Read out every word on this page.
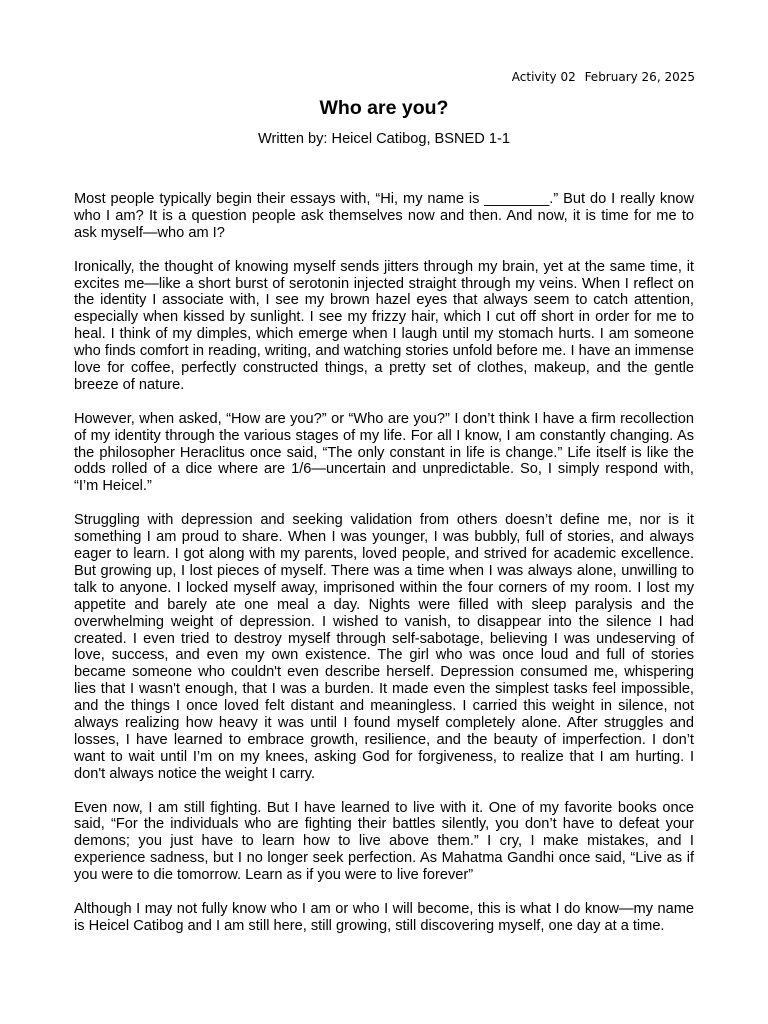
Activity 02 February 26, 2025
Who are you?
Written by: Heicel Catibog, BSNED 1-1

Most people typically begin their essays with, “Hi, my name is ________.” But do I really know who I am? It is a question people ask themselves now and then. And now, it is time for me to ask myself—who am I?

Ironically, the thought of knowing myself sends jitters through my brain, yet at the same time, it excites me—like a short burst of serotonin injected straight through my veins. When I reflect on the identity I associate with, I see my brown hazel eyes that always seem to catch attention, especially when kissed by sunlight. I see my frizzy hair, which I cut off short in order for me to heal. I think of my dimples, which emerge when I laugh until my stomach hurts. I am someone who finds comfort in reading, writing, and watching stories unfold before me. I have an immense love for coffee, perfectly constructed things, a pretty set of clothes, makeup, and the gentle breeze of nature.

However, when asked, “How are you?” or “Who are you?” I don’t think I have a firm recollection of my identity through the various stages of my life. For all I know, I am constantly changing. As the philosopher Heraclitus once said, “The only constant in life is change.” Life itself is like the odds rolled of a dice where are 1/6—uncertain and unpredictable. So, I simply respond with, “I’m Heicel.”

Struggling with depression and seeking validation from others doesn’t define me, nor is it something I am proud to share. When I was younger, I was bubbly, full of stories, and always eager to learn. I got along with my parents, loved people, and strived for academic excellence. But growing up, I lost pieces of myself. There was a time when I was always alone, unwilling to talk to anyone. I locked myself away, imprisoned within the four corners of my room. I lost my appetite and barely ate one meal a day. Nights were filled with sleep paralysis and the overwhelming weight of depression. I wished to vanish, to disappear into the silence I had created. I even tried to destroy myself through self-sabotage, believing I was undeserving of love, success, and even my own existence. The girl who was once loud and full of stories became someone who couldn't even describe herself. Depression consumed me, whispering lies that I wasn't enough, that I was a burden. It made even the simplest tasks feel impossible, and the things I once loved felt distant and meaningless. I carried this weight in silence, not always realizing how heavy it was until I found myself completely alone. After struggles and losses, I have learned to embrace growth, resilience, and the beauty of imperfection. I don’t want to wait until I’m on my knees, asking God for forgiveness, to realize that I am hurting. I don't always notice the weight I carry.

Even now, I am still fighting. But I have learned to live with it. One of my favorite books once said, “For the individuals who are fighting their battles silently, you don’t have to defeat your demons; you just have to learn how to live above them.” I cry, I make mistakes, and I experience sadness, but I no longer seek perfection. As Mahatma Gandhi once said, “Live as if you were to die tomorrow. Learn as if you were to live forever”

Although I may not fully know who I am or who I will become, this is what I do know—my name is Heicel Catibog and I am still here, still growing, still discovering myself, one day at a time.
